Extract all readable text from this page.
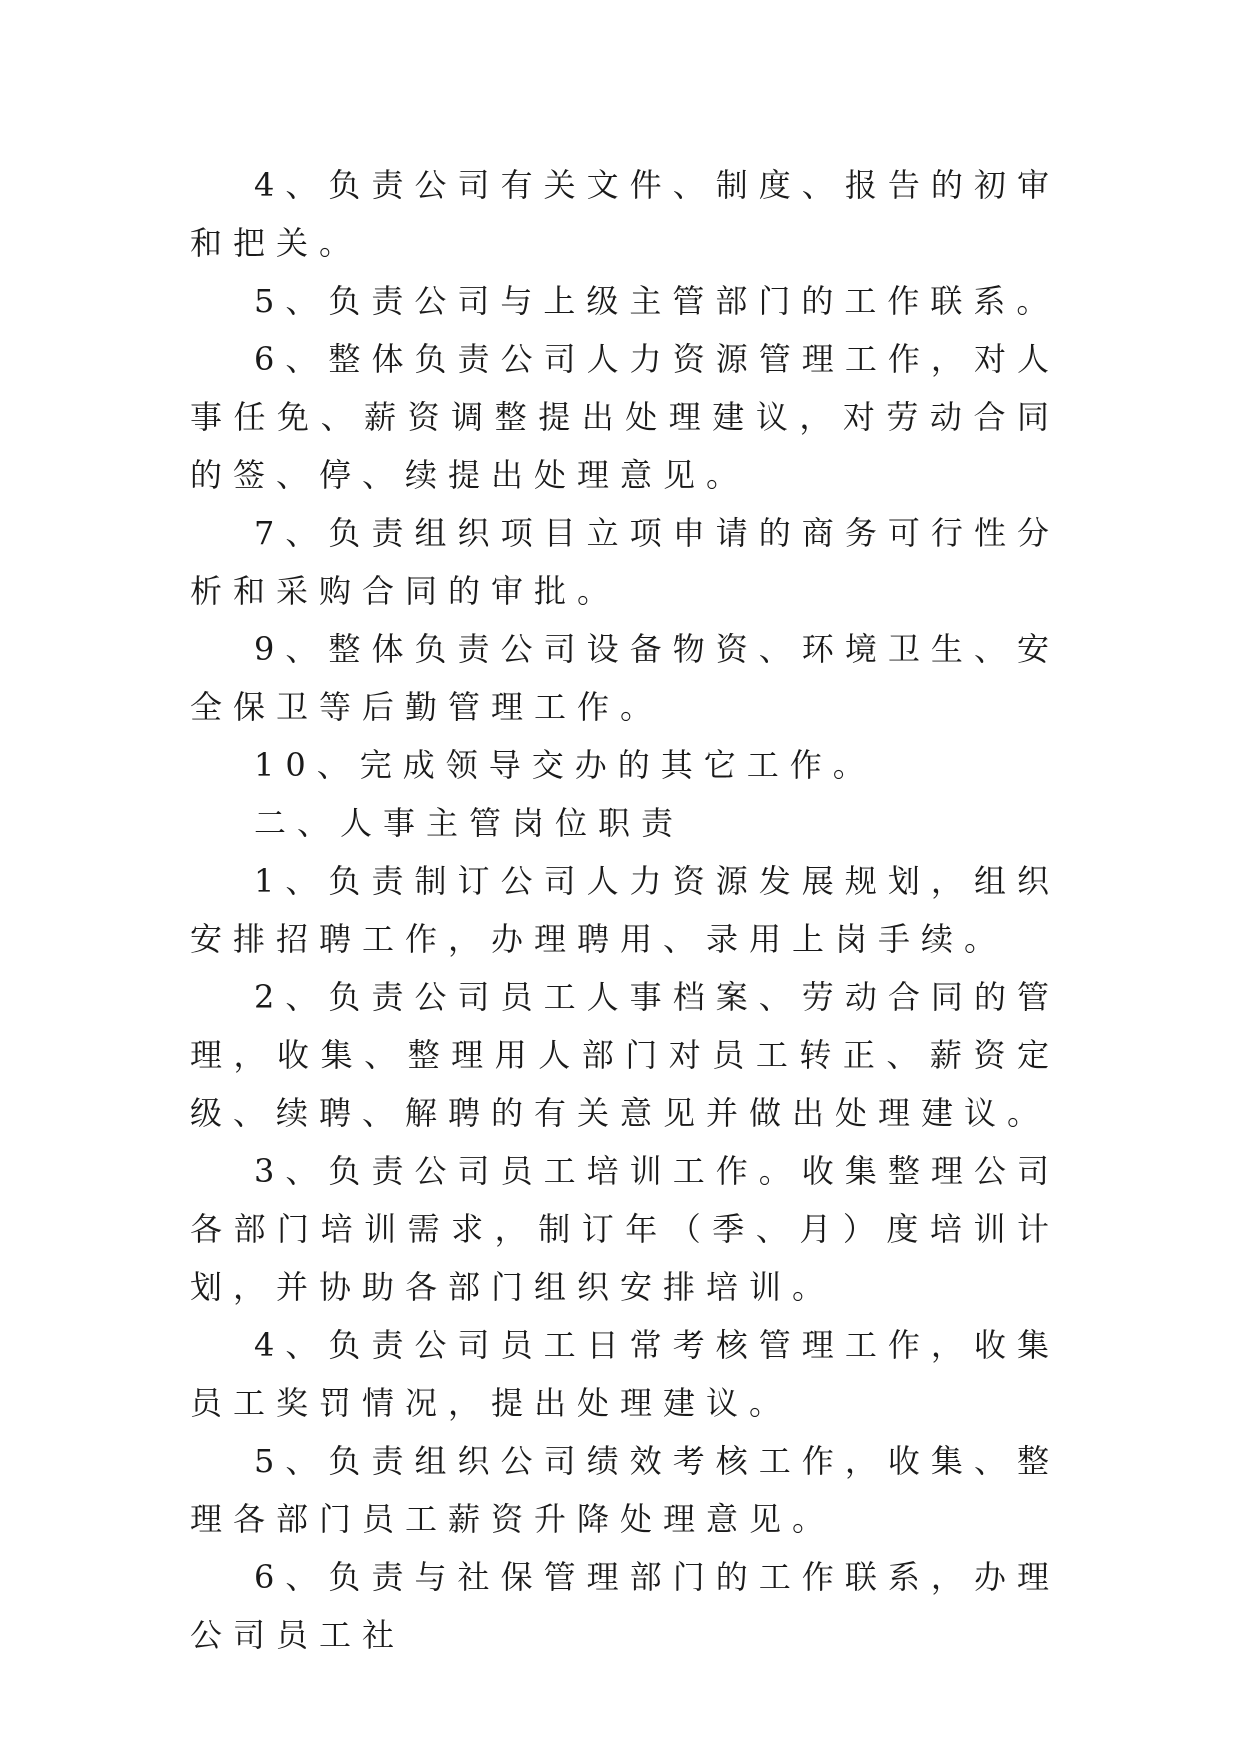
4、负责公司有关文件、制度、报告的初审和把关。

5、负责公司与上级主管部门的工作联系。

6、整体负责公司人力资源管理工作，对人事任免、薪资调整提出处理建议，对劳动合同的签、停、续提出处理意见。

7、负责组织项目立项申请的商务可行性分析和采购合同的审批。

9、整体负责公司设备物资、环境卫生、安全保卫等后勤管理工作。

10、完成领导交办的其它工作。

二、人事主管岗位职责

1、负责制订公司人力资源发展规划，组织安排招聘工作，办理聘用、录用上岗手续。

2、负责公司员工人事档案、劳动合同的管理，收集、整理用人部门对员工转正、薪资定级、续聘、解聘的有关意见并做出处理建议。

3、负责公司员工培训工作。收集整理公司各部门培训需求，制订年（季、月）度培训计划，并协助各部门组织安排培训。

4、负责公司员工日常考核管理工作，收集员工奖罚情况，提出处理建议。

5、负责组织公司绩效考核工作，收集、整理各部门员工薪资升降处理意见。

6、负责与社保管理部门的工作联系，办理公司员工社
